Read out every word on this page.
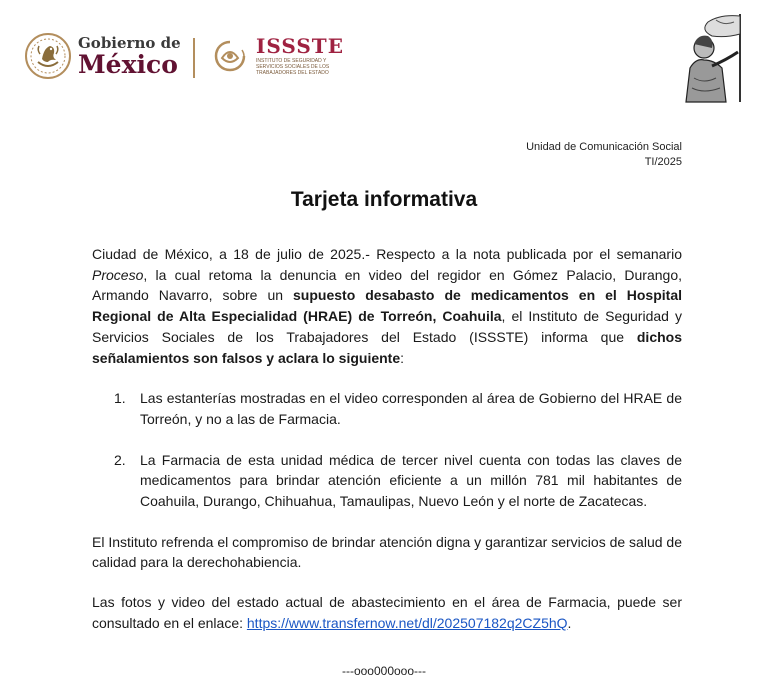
Gobierno de
México
ISSSTE
INSTITUTO DE SEGURIDAD Y SERVICIOS SOCIALES DE LOS TRABAJADORES DEL ESTADO
Unidad de Comunicación Social
TI/2025
Tarjeta informativa

Ciudad de México, a 18 de julio de 2025.- Respecto a la nota publicada por el semanario Proceso, la cual retoma la denuncia en video del regidor en Gómez Palacio, Durango, Armando Navarro, sobre un supuesto desabasto de medicamentos en el Hospital Regional de Alta Especialidad (HRAE) de Torreón, Coahuila, el Instituto de Seguridad y Servicios Sociales de los Trabajadores del Estado (ISSSTE) informa que dichos señalamientos son falsos y aclara lo siguiente:

1.	Las estanterías mostradas en el video corresponden al área de Gobierno del HRAE de Torreón, y no a las de Farmacia.
2.	La Farmacia de esta unidad médica de tercer nivel cuenta con todas las claves de medicamentos para brindar atención eficiente a un millón 781 mil habitantes de Coahuila, Durango, Chihuahua, Tamaulipas, Nuevo León y el norte de Zacatecas.

El Instituto refrenda el compromiso de brindar atención digna y garantizar servicios de salud de calidad para la derechohabiencia.

Las fotos y video del estado actual de abastecimiento en el área de Farmacia, puede ser consultado en el enlace: https://www.transfernow.net/dl/202507182q2CZ5hQ.

---ooo000ooo---
